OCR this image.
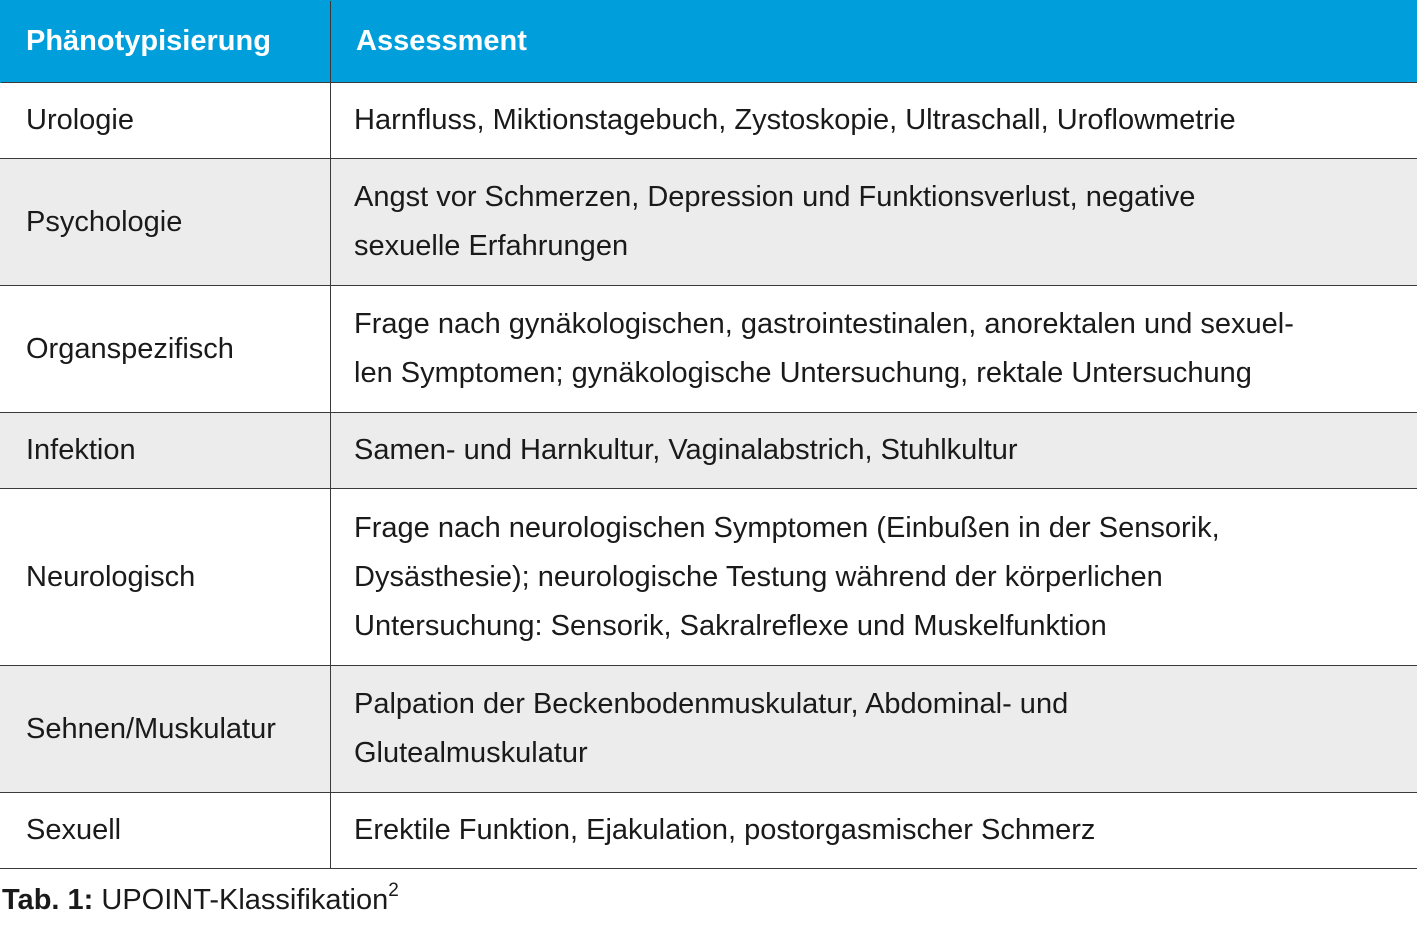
Phänotypisierung	Assessment
Urologie	Harnfluss, Miktionstagebuch, Zystoskopie, Ultraschall, Uroflowmetrie

Psychologie	Angst vor Schmerzen, Depression und Funktionsverlust, negative
sexuelle Erfahrungen

Organspezifisch	Frage nach gynäkologischen, gastrointestinalen, anorektalen und sexuel-
len Symptomen; gynäkologische Untersuchung, rektale Untersuchung

Infektion	Samen- und Harnkultur, Vaginalabstrich, Stuhlkultur

Neurologisch	Frage nach neurologischen Symptomen (Einbußen in der Sensorik,
Dysästhesie); neurologische Testung während der körperlichen
Untersuchung: Sensorik, Sakralreflexe und Muskelfunktion

Sehnen/Muskulatur	Palpation der Beckenbodenmuskulatur, Abdominal- und
Glutealmuskulatur

Sexuell	Erektile Funktion, Ejakulation, postorgasmischer Schmerz
Tab. 1: UPOINT-Klassifikation$^2$
